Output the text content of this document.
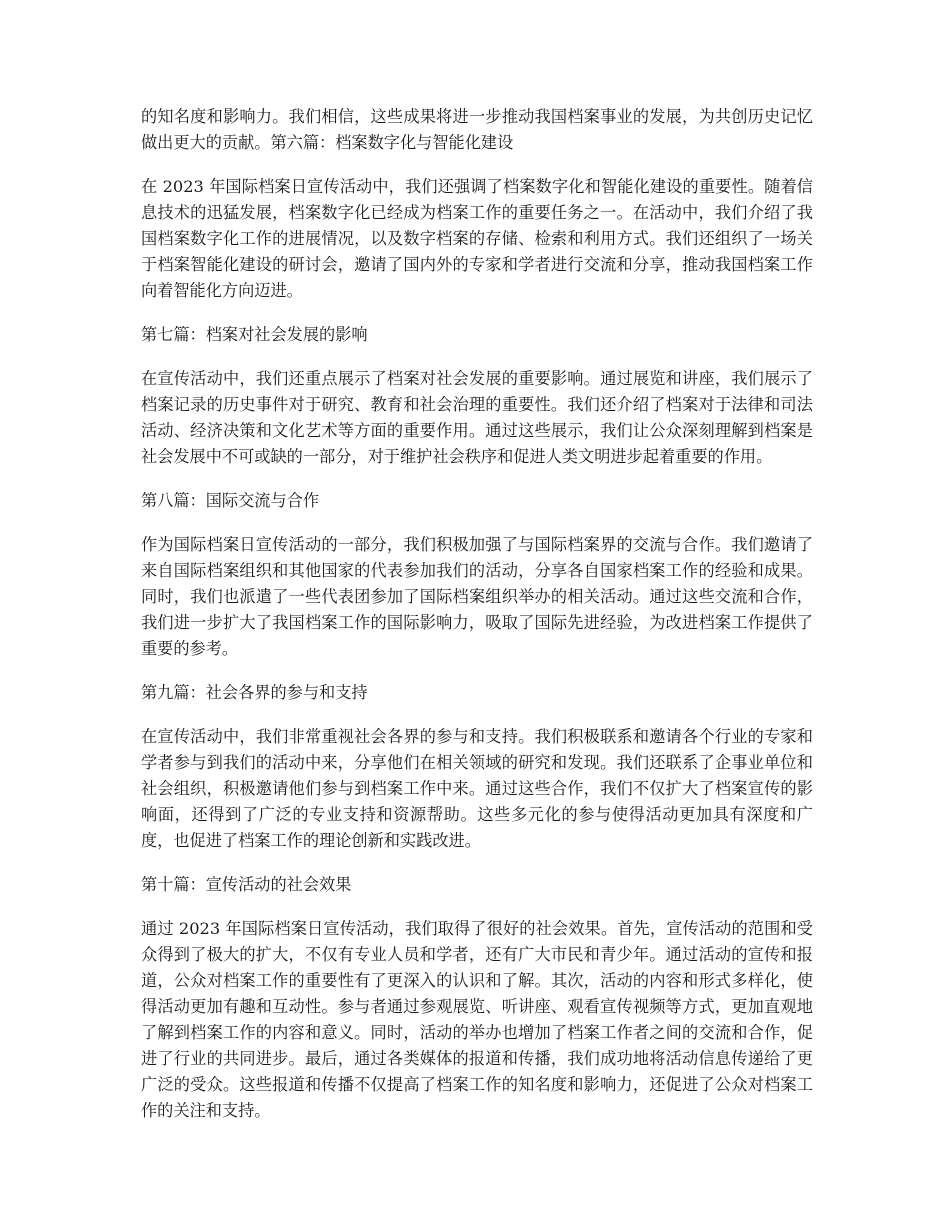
的知名度和影响力。我们相信，这些成果将进一步推动我国档案事业的发展，为共创历史记忆做出更大的贡献。第六篇：档案数字化与智能化建设

在 2023 年国际档案日宣传活动中，我们还强调了档案数字化和智能化建设的重要性。随着信息技术的迅猛发展，档案数字化已经成为档案工作的重要任务之一。在活动中，我们介绍了我国档案数字化工作的进展情况，以及数字档案的存储、检索和利用方式。我们还组织了一场关于档案智能化建设的研讨会，邀请了国内外的专家和学者进行交流和分享，推动我国档案工作向着智能化方向迈进。

第七篇：档案对社会发展的影响

在宣传活动中，我们还重点展示了档案对社会发展的重要影响。通过展览和讲座，我们展示了档案记录的历史事件对于研究、教育和社会治理的重要性。我们还介绍了档案对于法律和司法活动、经济决策和文化艺术等方面的重要作用。通过这些展示，我们让公众深刻理解到档案是社会发展中不可或缺的一部分，对于维护社会秩序和促进人类文明进步起着重要的作用。

第八篇：国际交流与合作

作为国际档案日宣传活动的一部分，我们积极加强了与国际档案界的交流与合作。我们邀请了来自国际档案组织和其他国家的代表参加我们的活动，分享各自国家档案工作的经验和成果。同时，我们也派遣了一些代表团参加了国际档案组织举办的相关活动。通过这些交流和合作，我们进一步扩大了我国档案工作的国际影响力，吸取了国际先进经验，为改进档案工作提供了重要的参考。

第九篇：社会各界的参与和支持

在宣传活动中，我们非常重视社会各界的参与和支持。我们积极联系和邀请各个行业的专家和学者参与到我们的活动中来，分享他们在相关领域的研究和发现。我们还联系了企事业单位和社会组织，积极邀请他们参与到档案工作中来。通过这些合作，我们不仅扩大了档案宣传的影响面，还得到了广泛的专业支持和资源帮助。这些多元化的参与使得活动更加具有深度和广度，也促进了档案工作的理论创新和实践改进。

第十篇：宣传活动的社会效果

通过 2023 年国际档案日宣传活动，我们取得了很好的社会效果。首先，宣传活动的范围和受众得到了极大的扩大，不仅有专业人员和学者，还有广大市民和青少年。通过活动的宣传和报道，公众对档案工作的重要性有了更深入的认识和了解。其次，活动的内容和形式多样化，使得活动更加有趣和互动性。参与者通过参观展览、听讲座、观看宣传视频等方式，更加直观地了解到档案工作的内容和意义。同时，活动的举办也增加了档案工作者之间的交流和合作，促进了行业的共同进步。最后，通过各类媒体的报道和传播，我们成功地将活动信息传递给了更广泛的受众。这些报道和传播不仅提高了档案工作的知名度和影响力，还促进了公众对档案工作的关注和支持。
